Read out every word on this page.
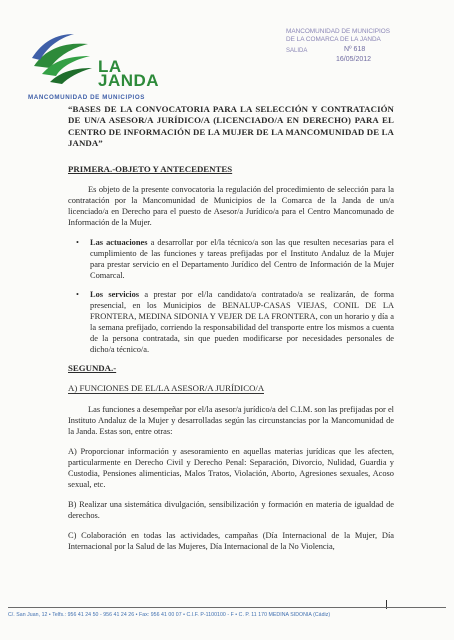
LA JANDA
MANCOMUNIDAD DE MUNICIPIOS
MANCOMUNIDAD DE MUNICIPIOS
DE LA COMARCA DE LA JANDA
SALIDA	Nº 618
16/05/2012

“BASES DE LA CONVOCATORIA PARA LA SELECCIÓN Y CONTRATACIÓN DE UN/A ASESOR/A JURÍDICO/A (LICENCIADO/A EN DERECHO) PARA EL CENTRO DE INFORMACIÓN DE LA MUJER DE LA MANCOMUNIDAD DE LA JANDA”

PRIMERA.-OBJETO Y ANTECEDENTES

Es objeto de la presente convocatoria la regulación del procedimiento de selección para la contratación por la Mancomunidad de Municipios de la Comarca de la Janda de un/a licenciado/a en Derecho para el puesto de Asesor/a Jurídico/a para el Centro Mancomunado de Información de la Mujer.

• Las actuaciones a desarrollar por el/la técnico/a son las que resulten necesarias para el cumplimiento de las funciones y tareas prefijadas por el Instituto Andaluz de la Mujer para prestar servicio en el Departamento Jurídico del Centro de Información de la Mujer Comarcal.
• Los servicios a prestar por el/la candidato/a contratado/a se realizarán, de forma presencial, en los Municipios de BENALUP-CASAS VIEJAS, CONIL DE LA FRONTERA, MEDINA SIDONIA Y VEJER DE LA FRONTERA, con un horario y día a la semana prefijado, corriendo la responsabilidad del transporte entre los mismos a cuenta de la persona contratada, sin que pueden modificarse por necesidades personales de dicho/a técnico/a.

SEGUNDA.-

A) FUNCIONES DE EL/LA ASESOR/A JURÍDICO/A

Las funciones a desempeñar por el/la asesor/a jurídico/a del C.I.M. son las prefijadas por el Instituto Andaluz de la Mujer y desarrolladas según las circunstancias por la Mancomunidad de la Janda. Estas son, entre otras:

A) Proporcionar información y asesoramiento en aquellas materias jurídicas que les afecten, particularmente en Derecho Civil y Derecho Penal: Separación, Divorcio, Nulidad, Guardia y Custodia, Pensiones alimenticias, Malos Tratos, Violación, Aborto, Agresiones sexuales, Acoso sexual, etc.

B) Realizar una sistemática divulgación, sensibilización y formación en materia de igualdad de derechos.

C) Colaboración en todas las actividades, campañas (Día Internacional de la Mujer, Día Internacional por la Salud de las Mujeres, Día Internacional de la No Violencia,

C/. San Juan, 12 • Telfs.: 956 41 24 50 - 956 41 24 26 • Fax: 956 41 00 07 • C.I.F. P-1100100 - F • C. P. 11 170 MEDINA SIDONIA (Cádiz)
